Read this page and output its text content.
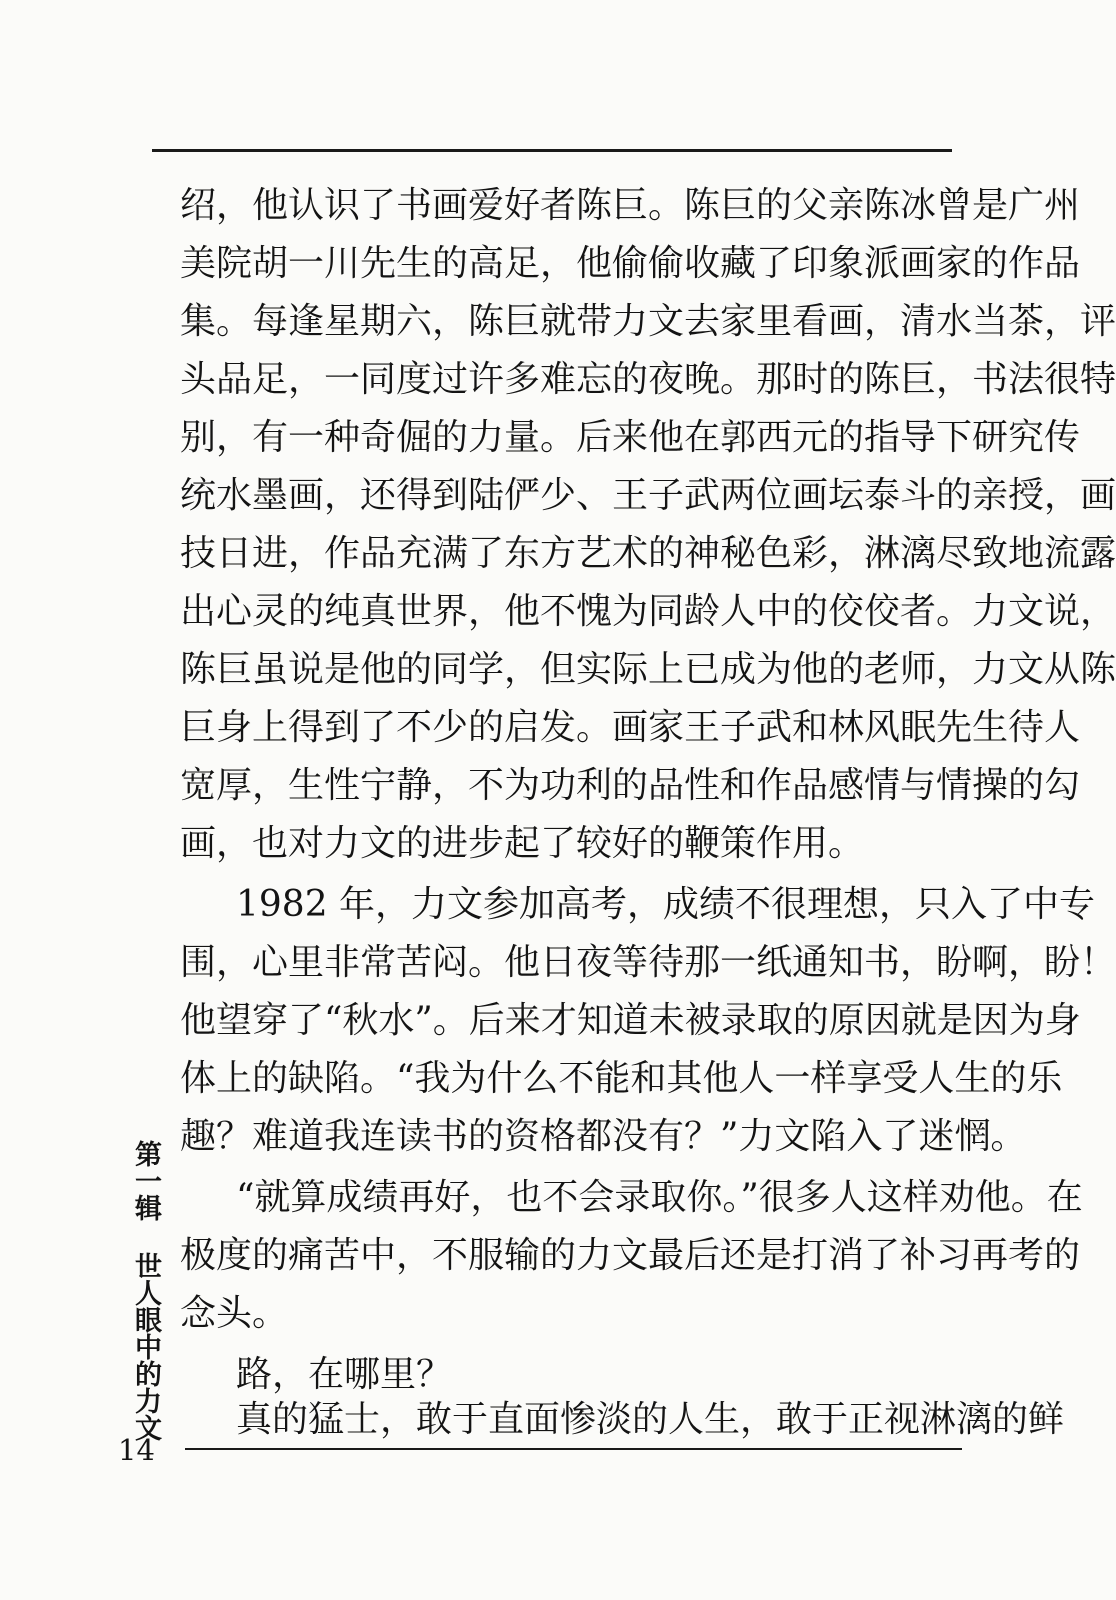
绍，他认识了书画爱好者陈巨。陈巨的父亲陈冰曾是广州
美院胡一川先生的高足，他偷偷收藏了印象派画家的作品
集。每逢星期六，陈巨就带力文去家里看画，清水当茶，评
头品足，一同度过许多难忘的夜晚。那时的陈巨，书法很特
别，有一种奇倔的力量。后来他在郭西元的指导下研究传
统水墨画，还得到陆俨少、王子武两位画坛泰斗的亲授，画
技日进，作品充满了东方艺术的神秘色彩，淋漓尽致地流露
出心灵的纯真世界，他不愧为同龄人中的佼佼者。力文说，
陈巨虽说是他的同学，但实际上已成为他的老师，力文从陈
巨身上得到了不少的启发。画家王子武和林风眠先生待人
宽厚，生性宁静，不为功利的品性和作品感情与情操的勾
画，也对力文的进步起了较好的鞭策作用。
1982 年，力文参加高考，成绩不很理想，只入了中专
围，心里非常苦闷。他日夜等待那一纸通知书，盼啊，盼！
他望穿了“秋水”。后来才知道未被录取的原因就是因为身
体上的缺陷。“我为什么不能和其他人一样享受人生的乐
趣？难道我连读书的资格都没有？”力文陷入了迷惘。
“就算成绩再好，也不会录取你。”很多人这样劝他。在
极度的痛苦中，不服输的力文最后还是打消了补习再考的
念头。
路，在哪里？
真的猛士，敢于直面惨淡的人生，敢于正视淋漓的鲜
第一辑 世人眼中的力文
14
